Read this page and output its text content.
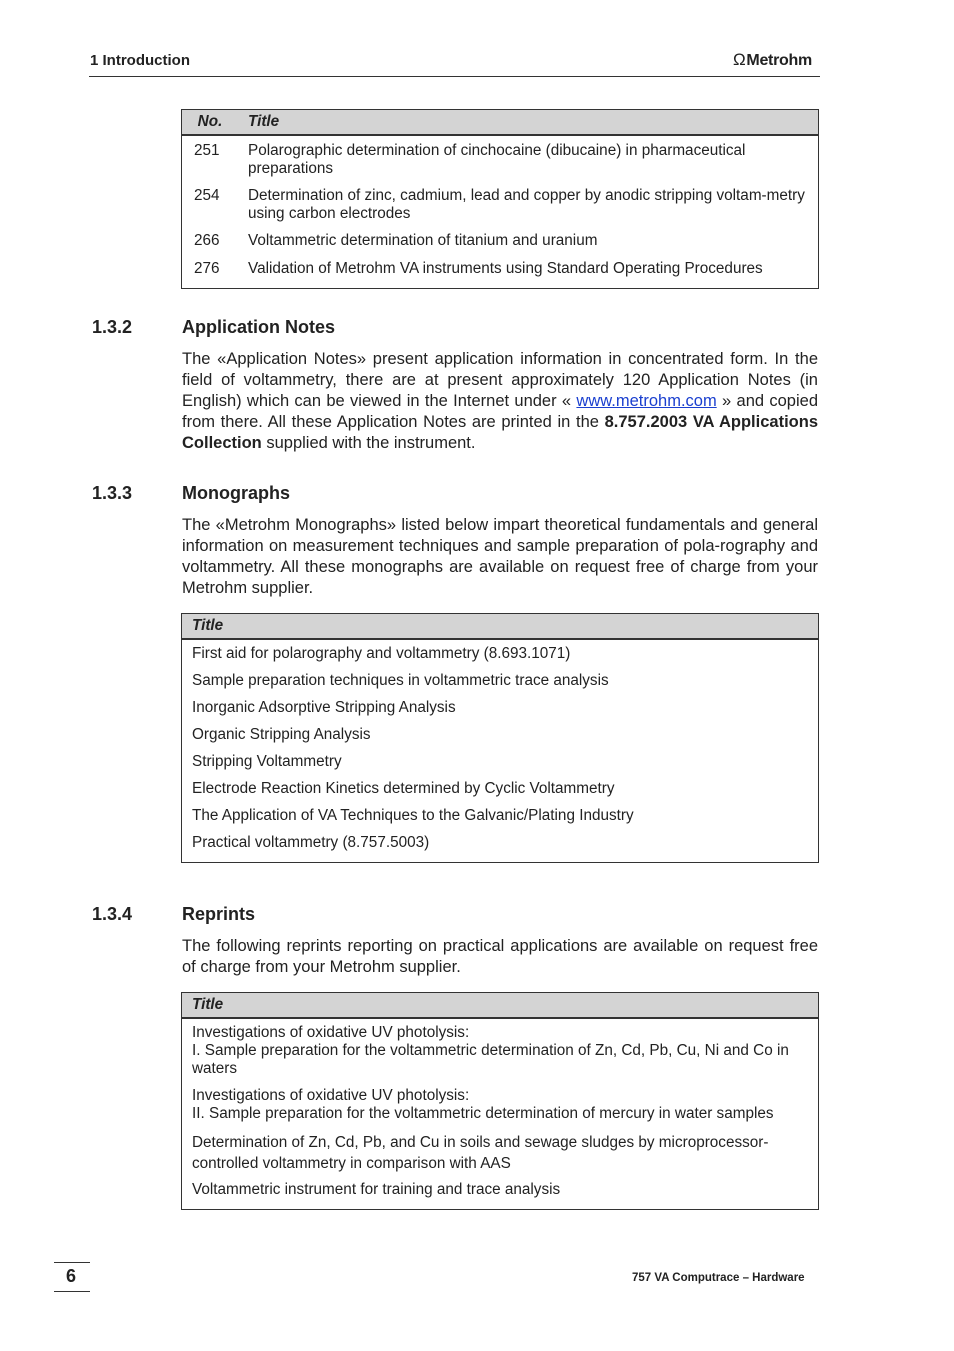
1 Introduction	ΩMetrohm
No.	Title
251	Polarographic determination of cinchocaine (dibucaine) in pharmaceutical preparations
254	Determination of zinc, cadmium, lead and copper by anodic stripping voltam-metry using carbon electrodes
266	Voltammetric determination of titanium and uranium
276	Validation of Metrohm VA instruments using Standard Operating Procedures
1.3.2	Application Notes

The «Application Notes» present application information in concentrated form. In the field of voltammetry, there are at present approximately 120 Application Notes (in English) which can be viewed in the Internet under « www.metrohm.com » and copied from there. All these Application Notes are printed in the 8.757.2003 VA Applications Collection supplied with the instrument.

1.3.3	Monographs

The «Metrohm Monographs» listed below impart theoretical fundamentals and general information on measurement techniques and sample preparation of pola-rography and voltammetry. All these monographs are available on request free of charge from your Metrohm supplier.

Title
First aid for polarography and voltammetry (8.693.1071)
Sample preparation techniques in voltammetric trace analysis
Inorganic Adsorptive Stripping Analysis
Organic Stripping Analysis
Stripping Voltammetry
Electrode Reaction Kinetics determined by Cyclic Voltammetry
The Application of VA Techniques to the Galvanic/Plating Industry
Practical voltammetry (8.757.5003)
1.3.4	Reprints

The following reprints reporting on practical applications are available on request free of charge from your Metrohm supplier.

Title

Investigations of oxidative UV photolysis:
I. Sample preparation for the voltammetric determination of Zn, Cd, Pb, Cu, Ni and Co in waters

Investigations of oxidative UV photolysis:
II. Sample preparation for the voltammetric determination of mercury in water samples

Determination of Zn, Cd, Pb, and Cu in soils and sewage sludges by microprocessor-controlled voltammetry in comparison with AAS

Voltammetric instrument for training and trace analysis
6	757 VA Computrace – Hardware
